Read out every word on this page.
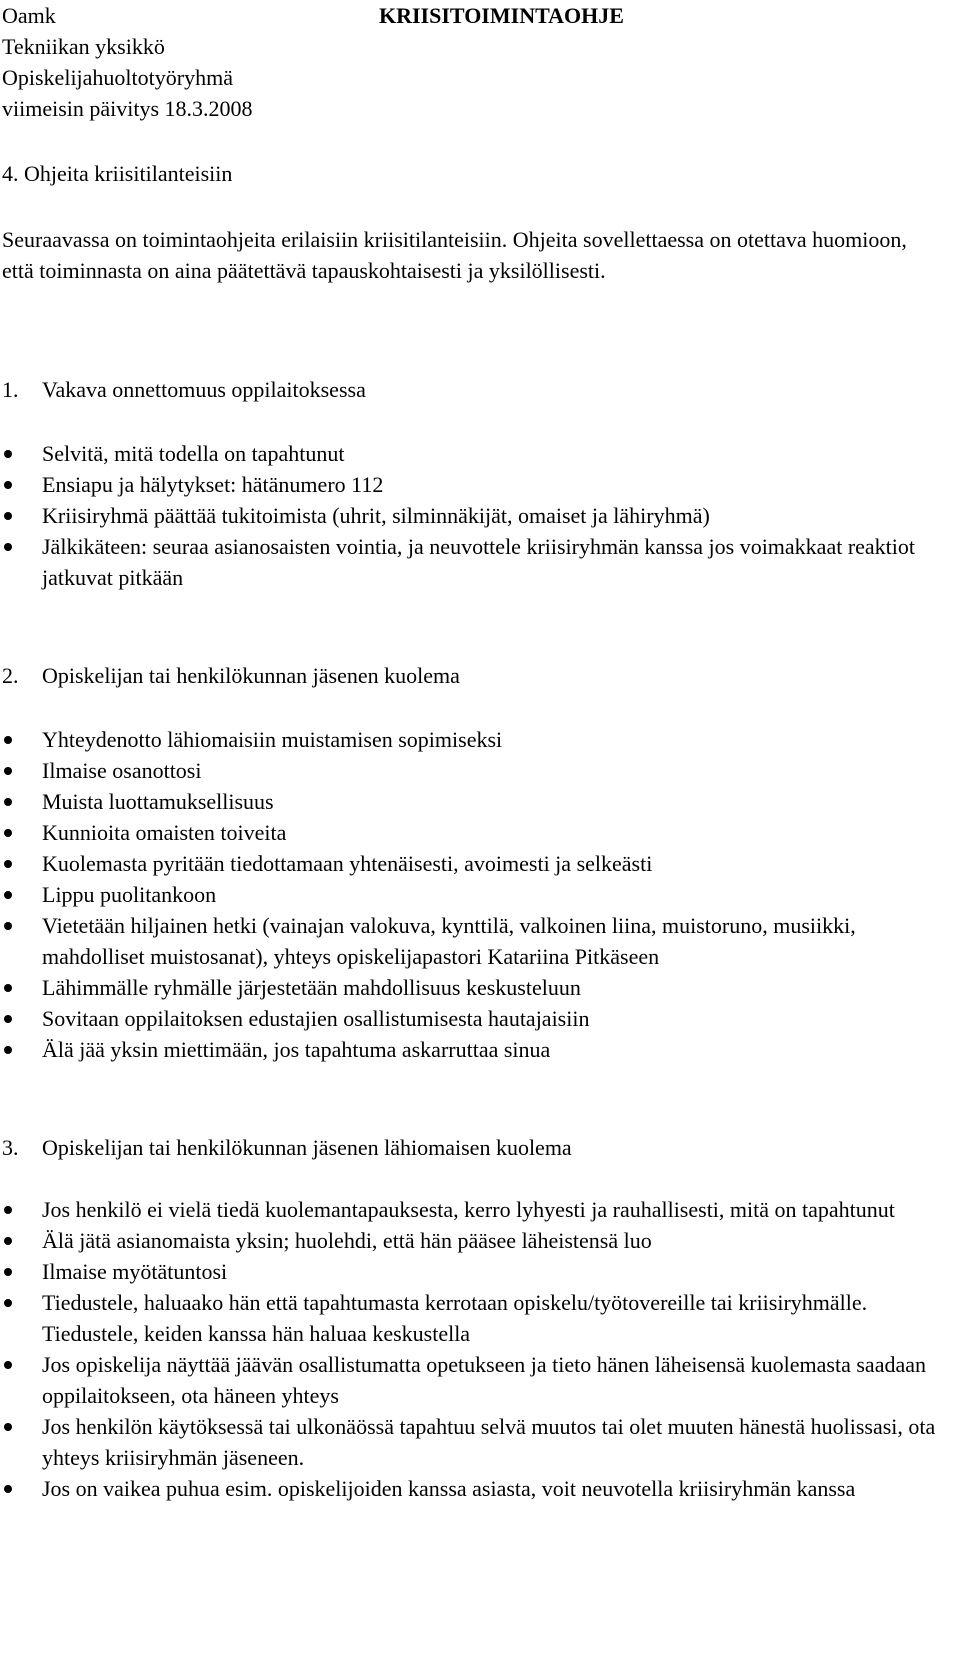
Oamk
Tekniikan yksikkö
Opiskelijahuoltotyöryhmä
viimeisin päivitys 18.3.2008
KRIISITOIMINTAOHJE
4. Ohjeita kriisitilanteisiin
Seuraavassa on toimintaohjeita erilaisiin kriisitilanteisiin. Ohjeita sovellettaessa on otettava huomioon, että toiminnasta on aina päätettävä tapauskohtaisesti ja yksilöllisesti.
1. Vakava onnettomuus oppilaitoksessa
Selvitä, mitä todella on tapahtunut
Ensiapu ja hälytykset: hätänumero 112
Kriisiryhmä päättää tukitoimista (uhrit, silminnäkijät, omaiset ja lähiryhmä)
Jälkikäteen: seuraa asianosaisten vointia, ja neuvottele kriisiryhmän kanssa jos voimakkaat reaktiot jatkuvat pitkään
2. Opiskelijan tai henkilökunnan jäsenen kuolema
Yhteydenotto lähiomaisiin muistamisen sopimiseksi
Ilmaise osanottosi
Muista luottamuksellisuus
Kunnioita omaisten toiveita
Kuolemasta pyritään tiedottamaan yhtenäisesti, avoimesti ja selkeästi
Lippu puolitankoon
Vietetään hiljainen hetki (vainajan valokuva, kynttilä, valkoinen liina, muistoruno, musiikki, mahdolliset muistosanat), yhteys opiskelijapastori Katariina Pitkäseen
Lähimmälle ryhmälle järjestetään mahdollisuus keskusteluun
Sovitaan oppilaitoksen edustajien osallistumisesta hautajaisiin
Älä jää yksin miettimään, jos tapahtuma askarruttaa sinua
3. Opiskelijan tai henkilökunnan jäsenen lähiomaisen kuolema
Jos henkilö ei vielä tiedä kuolemantapauksesta, kerro lyhyesti ja rauhallisesti, mitä on tapahtunut
Älä jätä asianomaista yksin; huolehdi, että hän pääsee läheistensä luo
Ilmaise myötätuntosi
Tiedustele, haluaako hän että tapahtumasta kerrotaan opiskelu/työtovereille tai kriisiryhmälle. Tiedustele, keiden kanssa hän haluaa keskustella
Jos opiskelija näyttää jäävän osallistumatta opetukseen ja tieto hänen läheisensä kuolemasta saadaan oppilaitokseen, ota häneen yhteys
Jos henkilön käytöksessä tai ulkonäössä tapahtuu selvä muutos tai olet muuten hänestä huolissasi, ota yhteys kriisiryhmän jäseneen.
Jos on vaikea puhua esim. opiskelijoiden kanssa asiasta, voit neuvotella kriisiryhmän kanssa
